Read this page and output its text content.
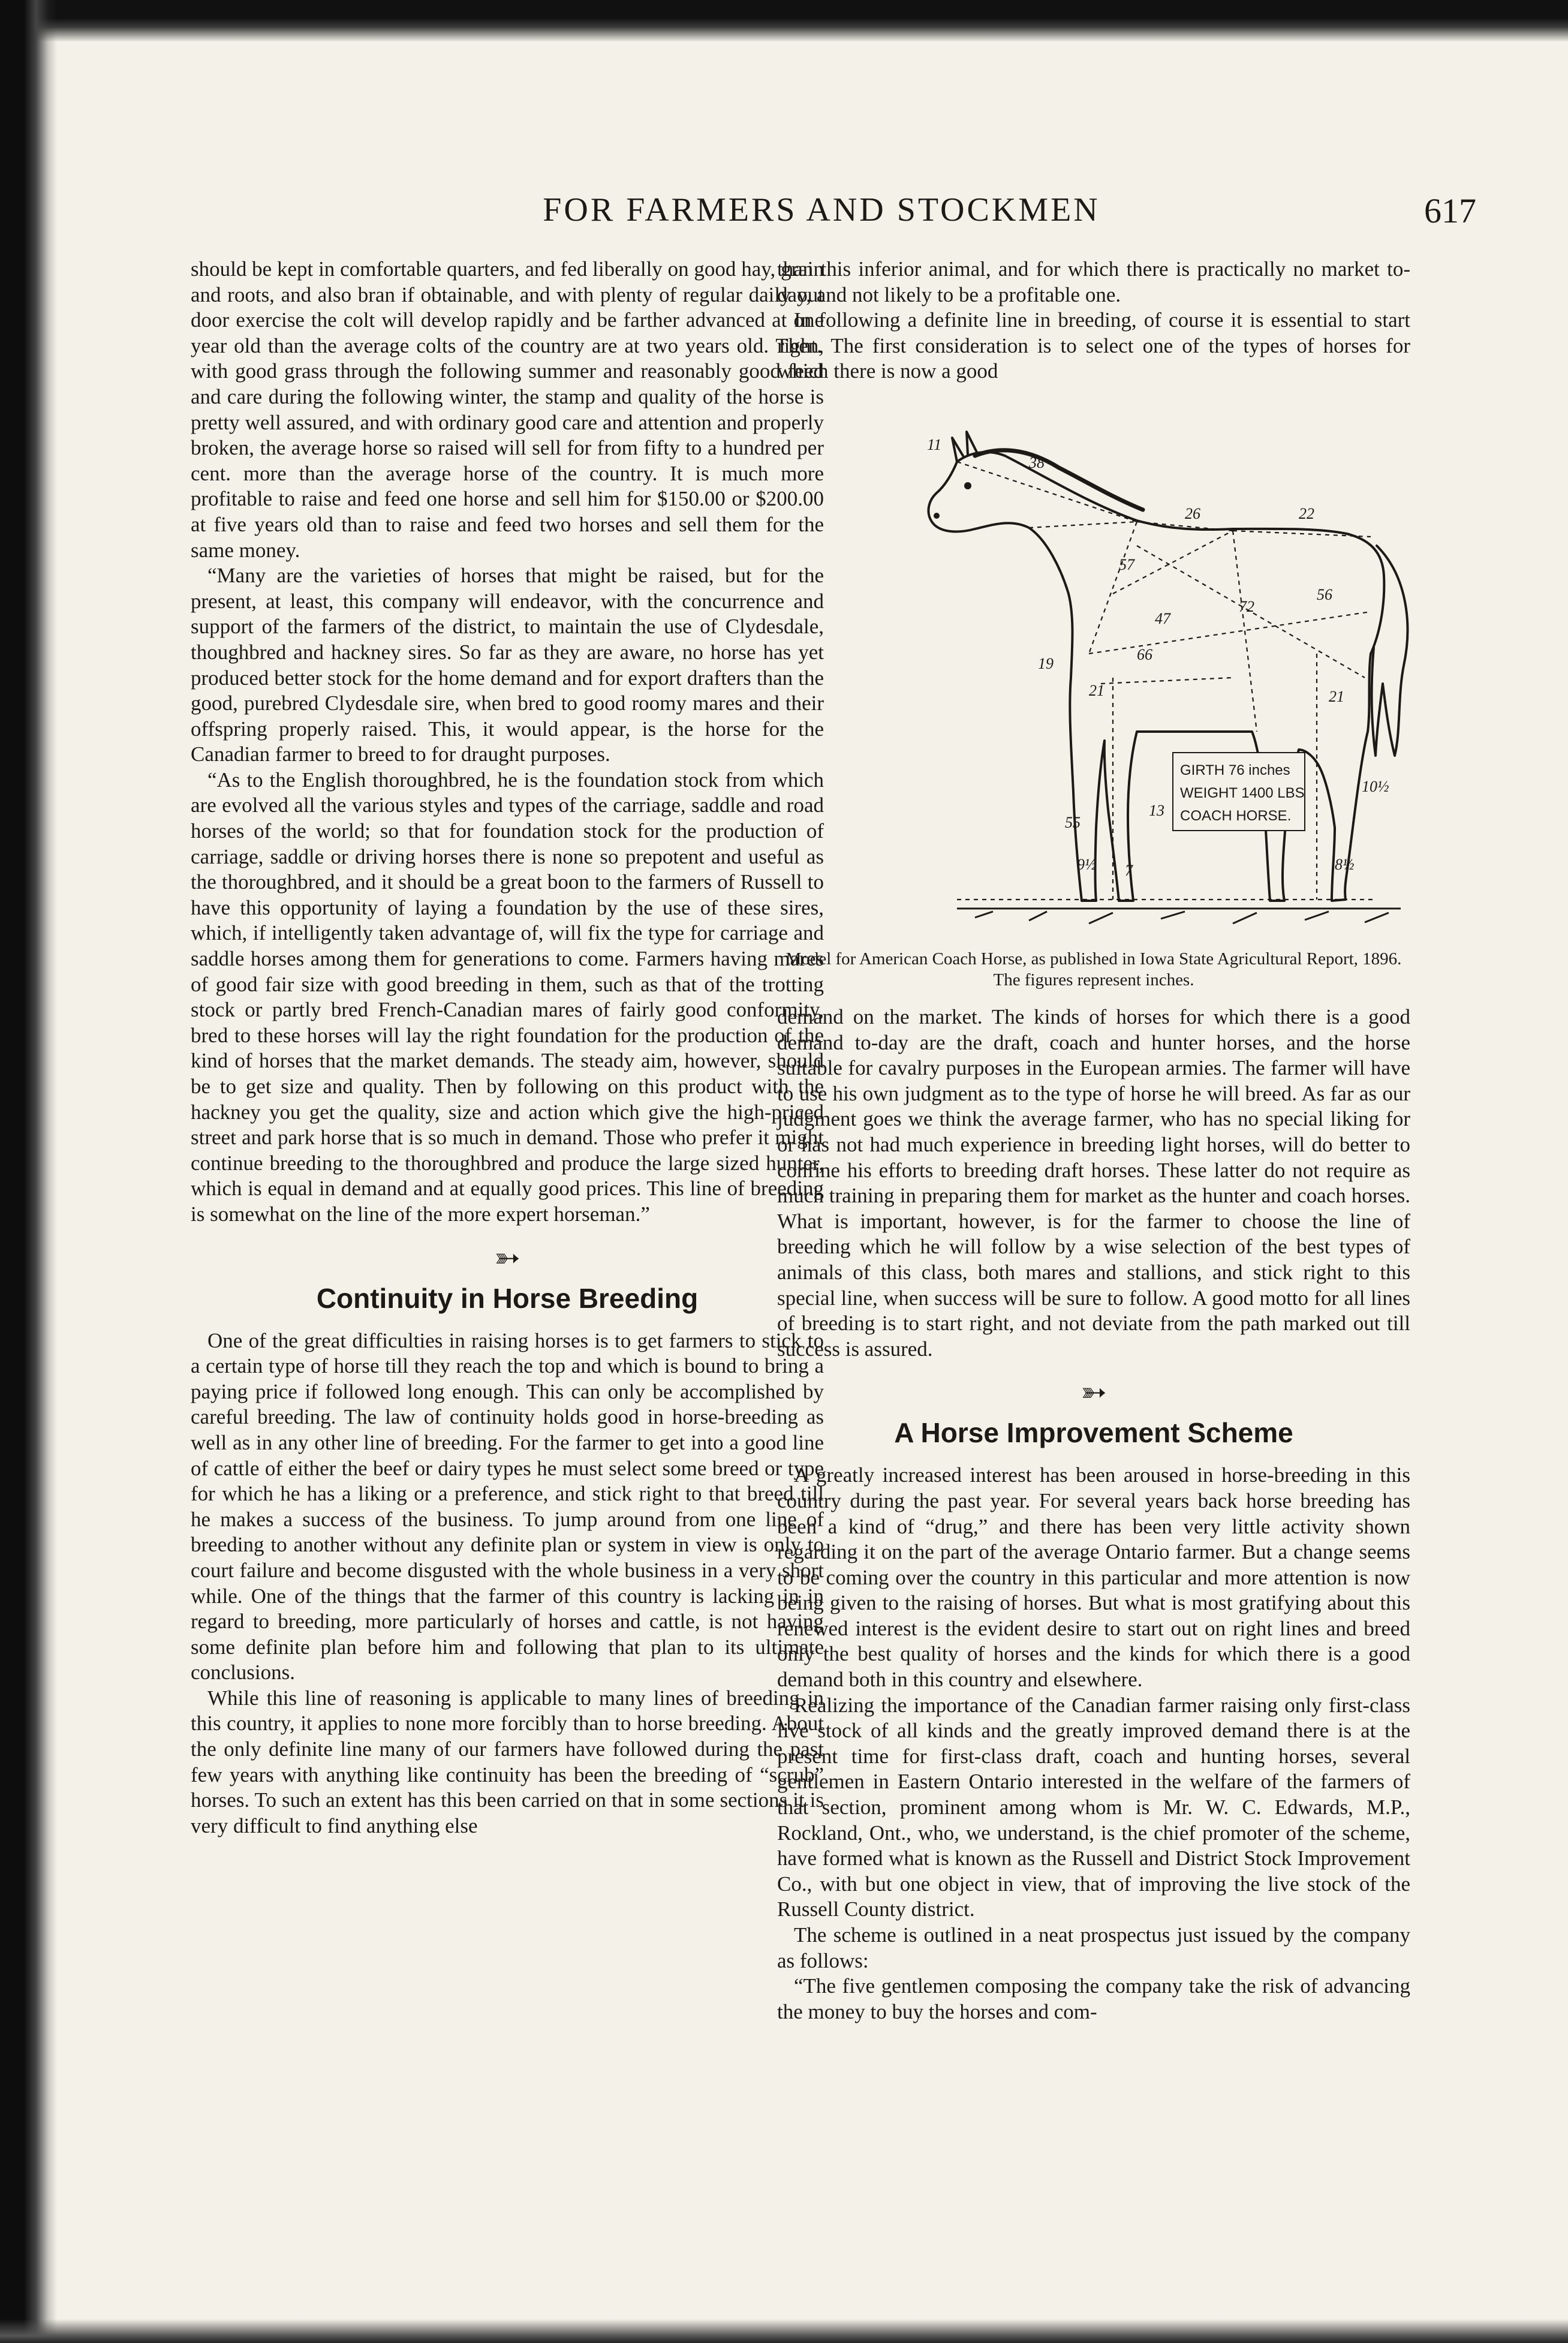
FOR FARMERS AND STOCKMEN	617

should be kept in comfortable quarters, and fed liberally on good hay, grain and roots, and also bran if obtainable, and with plenty of regular daily out door exercise the colt will develop rapidly and be farther advanced at one year old than the average colts of the country are at two years old. Then, with good grass through the following summer and reasonably good feed and care during the following winter, the stamp and quality of the horse is pretty well assured, and with ordinary good care and attention and properly broken, the average horse so raised will sell for from fifty to a hundred per cent. more than the average horse of the country. It is much more profitable to raise and feed one horse and sell him for $150.00 or $200.00 at five years old than to raise and feed two horses and sell them for the same money.

“Many are the varieties of horses that might be raised, but for the present, at least, this company will endeavor, with the concurrence and support of the farmers of the district, to maintain the use of Clydesdale, thoughbred and hackney sires. So far as they are aware, no horse has yet produced better stock for the home demand and for export drafters than the good, purebred Clydesdale sire, when bred to good roomy mares and their offspring properly raised. This, it would appear, is the horse for the Canadian farmer to breed to for draught purposes.

“As to the English thoroughbred, he is the foundation stock from which are evolved all the various styles and types of the carriage, saddle and road horses of the world; so that for foundation stock for the production of carriage, saddle or driving horses there is none so prepotent and useful as the thoroughbred, and it should be a great boon to the farmers of Russell to have this opportunity of laying a foundation by the use of these sires, which, if intelligently taken advantage of, will fix the type for carriage and saddle horses among them for generations to come. Farmers having mares of good fair size with good breeding in them, such as that of the trotting stock or partly bred French-Canadian mares of fairly good conformity, bred to these horses will lay the right foundation for the production of the kind of horses that the market demands. The steady aim, however, should be to get size and quality. Then by following on this product with the hackney you get the quality, size and action which give the high-priced street and park horse that is so much in demand. Those who prefer it might continue breeding to the thoroughbred and produce the large sized hunter, which is equal in demand and at equally good prices. This line of breeding is somewhat on the line of the more expert horseman.”

➳
Continuity in Horse Breeding

One of the great difficulties in raising horses is to get farmers to stick to a certain type of horse till they reach the top and which is bound to bring a paying price if followed long enough. This can only be accomplished by careful breeding. The law of continuity holds good in horse-breeding as well as in any other line of breeding. For the farmer to get into a good line of cattle of either the beef or dairy types he must select some breed or type for which he has a liking or a preference, and stick right to that breed till he makes a success of the business. To jump around from one line of breeding to another without any definite plan or system in view is only to court failure and become disgusted with the whole business in a very short while. One of the things that the farmer of this country is lacking in in regard to breeding, more particularly of horses and cattle, is not having some definite plan before him and following that plan to its ultimate conclusions.

While this line of reasoning is applicable to many lines of breeding in this country, it applies to none more forcibly than to horse breeding. About the only definite line many of our farmers have followed during the past few years with anything like continuity has been the breeding of “scrub” horses. To such an extent has this been carried on that in some sections it is very difficult to find anything else

than this inferior animal, and for which there is practically no market to-day, and not likely to be a profitable one.

In following a definite line in breeding, of course it is essential to start right. The first consideration is to select one of the types of horses for which there is now a good

11
38
26	22
57
47
72
56
66
19
21	21
55
9½
13
7
10½
8½
GIRTH 76 inches
WEIGHT 1400 LBS
COACH HORSE.
Model for American Coach Horse, as published in Iowa State Agricultural Report, 1896. The figures represent inches.

demand on the market. The kinds of horses for which there is a good demand to-day are the draft, coach and hunter horses, and the horse suitable for cavalry purposes in the European armies. The farmer will have to use his own judgment as to the type of horse he will breed. As far as our judgment goes we think the average farmer, who has no special liking for or has not had much experience in breeding light horses, will do better to confine his efforts to breeding draft horses. These latter do not require as much training in preparing them for market as the hunter and coach horses. What is important, however, is for the farmer to choose the line of breeding which he will follow by a wise selection of the best types of animals of this class, both mares and stallions, and stick right to this special line, when success will be sure to follow. A good motto for all lines of breeding is to start right, and not deviate from the path marked out till success is assured.

➳
A Horse Improvement Scheme

A greatly increased interest has been aroused in horse-breeding in this country during the past year. For several years back horse breeding has been a kind of “drug,” and there has been very little activity shown regarding it on the part of the average Ontario farmer. But a change seems to be coming over the country in this particular and more attention is now being given to the raising of horses. But what is most gratifying about this renewed interest is the evident desire to start out on right lines and breed only the best quality of horses and the kinds for which there is a good demand both in this country and elsewhere.

Realizing the importance of the Canadian farmer raising only first-class live stock of all kinds and the greatly improved demand there is at the present time for first-class draft, coach and hunting horses, several gentlemen in Eastern Ontario interested in the welfare of the farmers of that section, prominent among whom is Mr. W. C. Edwards, M.P., Rockland, Ont., who, we understand, is the chief promoter of the scheme, have formed what is known as the Russell and District Stock Improvement Co., with but one object in view, that of improving the live stock of the Russell County district.

The scheme is outlined in a neat prospectus just issued by the company as follows:

“The five gentlemen composing the company take the risk of advancing the money to buy the horses and com-
